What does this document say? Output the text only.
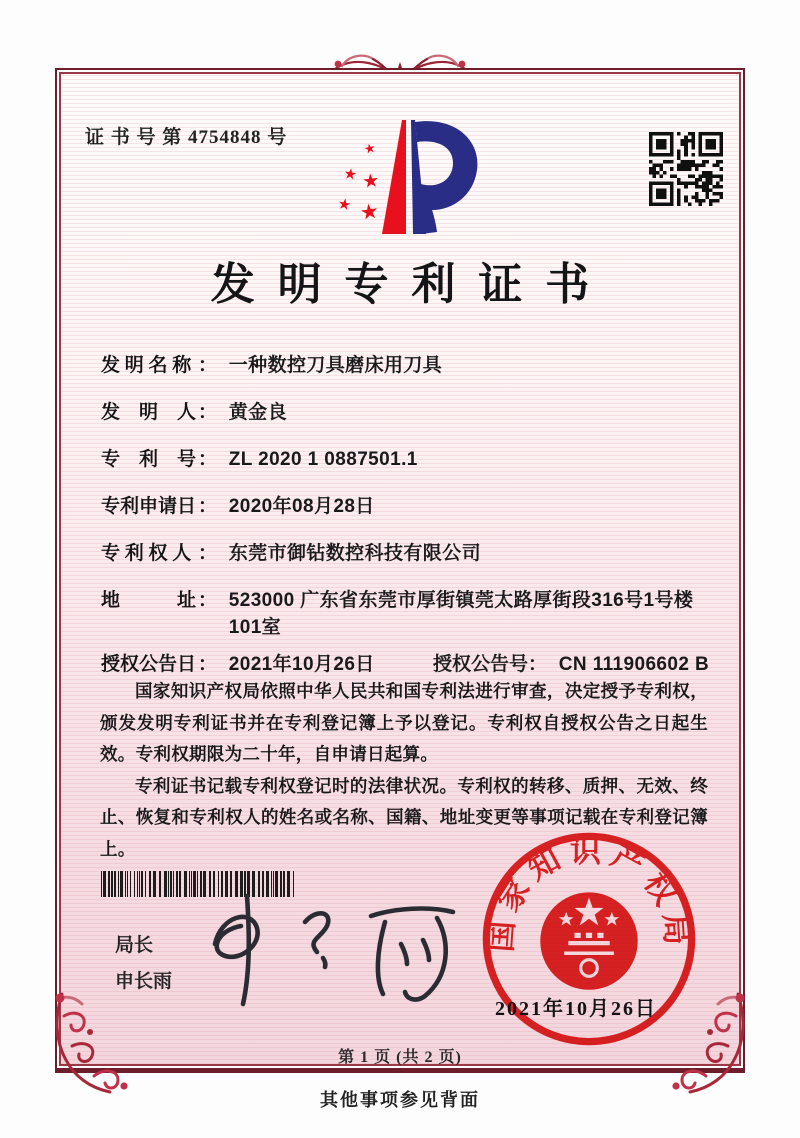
证 书 号 第 4754848 号
★
★ ★
★ ★
发明专利证书
发 明 名 称 ： 一种数控刀具磨床用刀具
发　明　人 ： 黄金良
专　利　号 ： ZL 2020 1 0887501.1
专利申请日 ： 2020年08月28日
专 利 权 人 ： 东莞市御钻数控科技有限公司
地　　　址 ： 523000 广东省东莞市厚街镇莞太路厚街段316号1号楼101室
授权公告日 ： 2021年10月26日	授权公告号： CN 111906602 B

国家知识产权局依照中华人民共和国专利法进行审查，决定授予专利权，颁发发明专利证书并在专利登记簿上予以登记。专利权自授权公告之日起生效。专利权期限为二十年，自申请日起算。

专利证书记载专利权登记时的法律状况。专利权的转移、质押、无效、终止、恢复和专利权人的姓名或名称、国籍、地址变更等事项记载在专利登记簿上。

局长
申长雨
国家知识产权局
2021年10月26日
第 1 页 (共 2 页)
其他事项参见背面
